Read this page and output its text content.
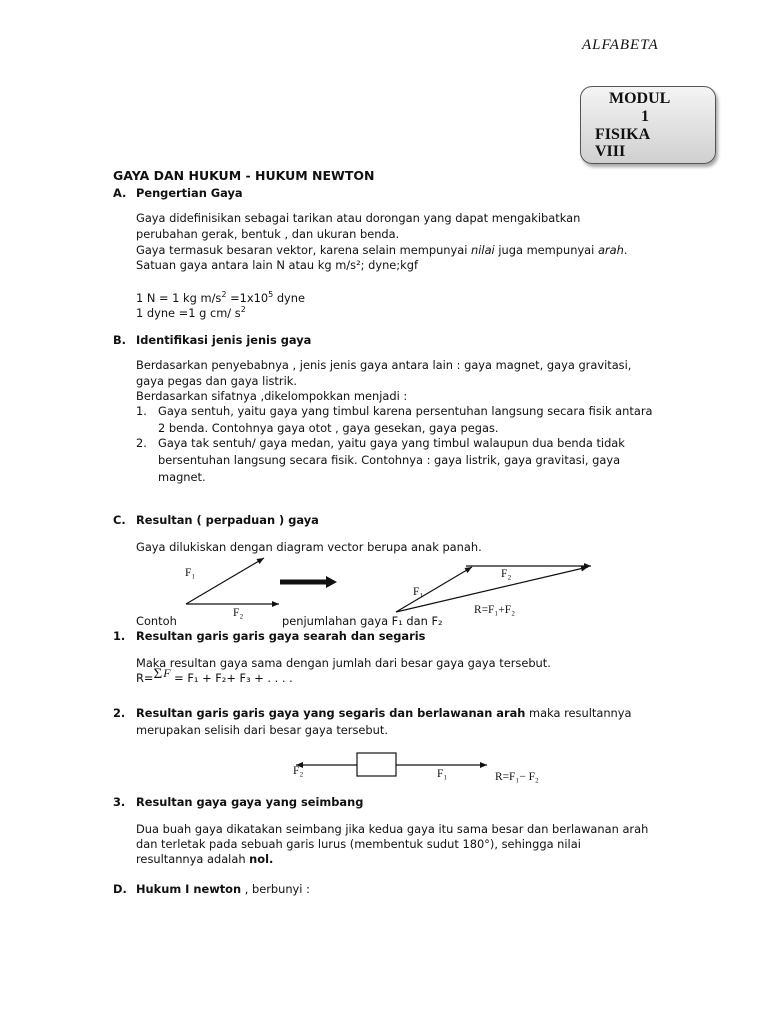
ALFABETA
MODUL
1
FISIKA
VIII
GAYA DAN HUKUM - HUKUM NEWTON
A. Pengertian Gaya
Gaya didefinisikan sebagai tarikan atau dorongan yang dapat mengakibatkan
perubahan gerak, bentuk , dan ukuran benda.
Gaya termasuk besaran vektor, karena selain mempunyai nilai juga mempunyai arah.
Satuan gaya antara lain N atau kg m/s²; dyne;kgf
1 N = 1 kg $m/s^2 =1x10^5$ dyne
1 dyne =1 g cm/ $s^2$
B. Identifikasi jenis jenis gaya
Berdasarkan penyebabnya , jenis jenis gaya antara lain : gaya magnet, gaya gravitasi,
gaya pegas dan gaya listrik.
Berdasarkan sifatnya ,dikelompokkan menjadi :
1. Gaya sentuh, yaitu gaya yang timbul karena persentuhan langsung secara fisik antara
2 benda. Contohnya gaya otot , gaya gesekan, gaya pegas.
2. Gaya tak sentuh/ gaya medan, yaitu gaya yang timbul walaupun dua benda tidak
bersentuhan langsung secara fisik. Contohnya : gaya listrik, gaya gravitasi, gaya
magnet.
C. Resultan ( perpaduan ) gaya
Gaya dilukiskan dengan diagram vector berupa anak panah.
F₁
F₂
F₁
F₂
R=F₁+F₂
Contoh	penjumlahan gaya F₁ dan F₂
1. Resultan garis garis gaya searah dan segaris
Maka resultan gaya sama dengan jumlah dari besar gaya gaya tersebut.
R=ΣF = F₁ + F₂+ F₃ + . . . .
2. Resultan garis garis gaya yang segaris dan berlawanan arah maka resultannya
merupakan selisih dari besar gaya tersebut.
F₂	F₁	R=F₁− F₂
3. Resultan gaya gaya yang seimbang
Dua buah gaya dikatakan seimbang jika kedua gaya itu sama besar dan berlawanan arah
dan terletak pada sebuah garis lurus (membentuk sudut 180°), sehingga nilai
resultannya adalah nol.
D. Hukum I newton , berbunyi :
